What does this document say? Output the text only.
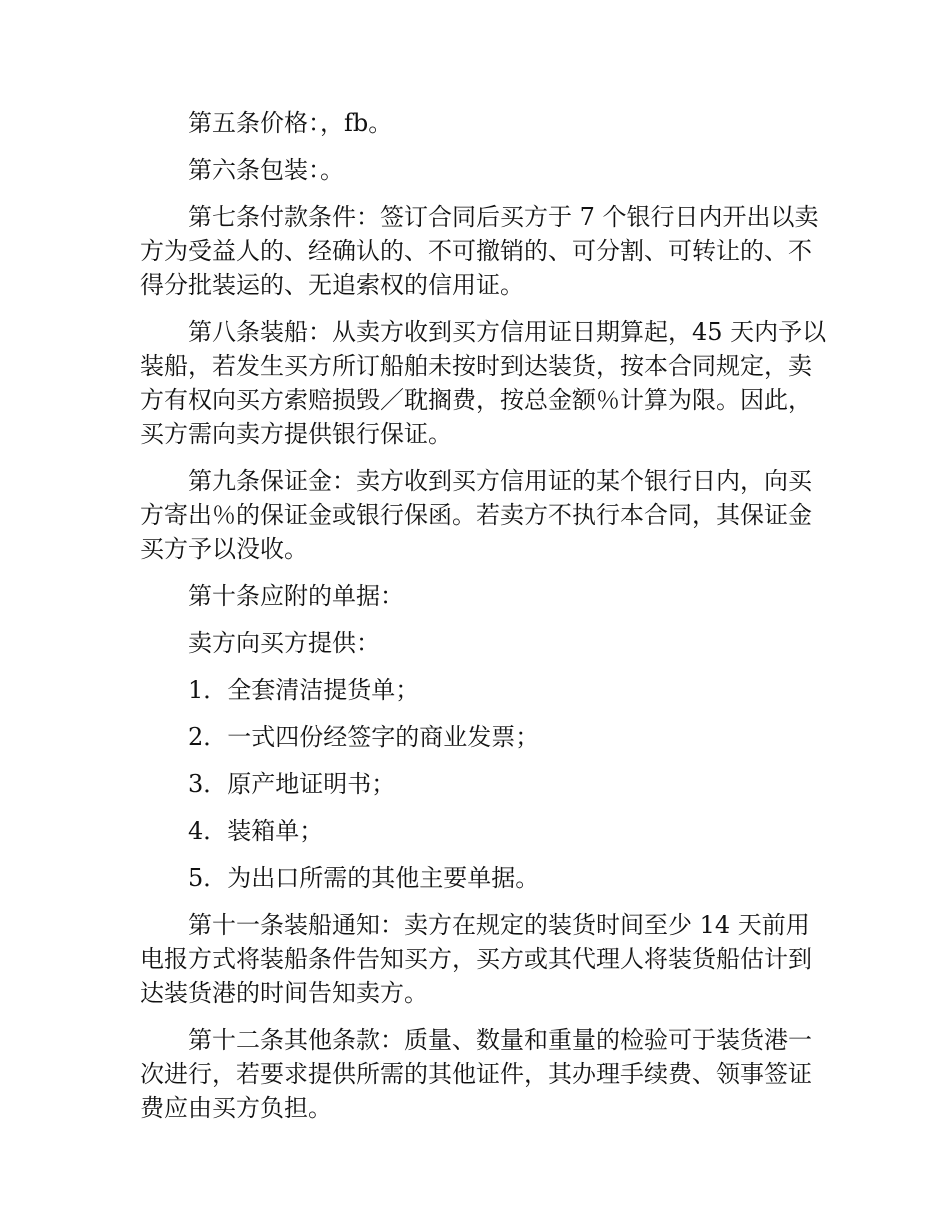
第五条价格：，fb。

第六条包装：。

第七条付款条件：签订合同后买方于 7 个银行日内开出以卖方为受益人的、经确认的、不可撤销的、可分割、可转让的、不得分批装运的、无追索权的信用证。

第八条装船：从卖方收到买方信用证日期算起，45 天内予以装船，若发生买方所订船舶未按时到达装货，按本合同规定，卖方有权向买方索赔损毁／耽搁费，按总金额％计算为限。因此，买方需向卖方提供银行保证。

第九条保证金：卖方收到买方信用证的某个银行日内，向买方寄出％的保证金或银行保函。若卖方不执行本合同，其保证金买方予以没收。

第十条应附的单据：

卖方向买方提供：

1．全套清洁提货单；

2．一式四份经签字的商业发票；

3．原产地证明书；

4．装箱单；

5．为出口所需的其他主要单据。

第十一条装船通知：卖方在规定的装货时间至少 14 天前用电报方式将装船条件告知买方，买方或其代理人将装货船估计到达装货港的时间告知卖方。

第十二条其他条款：质量、数量和重量的检验可于装货港一次进行，若要求提供所需的其他证件，其办理手续费、领事签证费应由买方负担。
